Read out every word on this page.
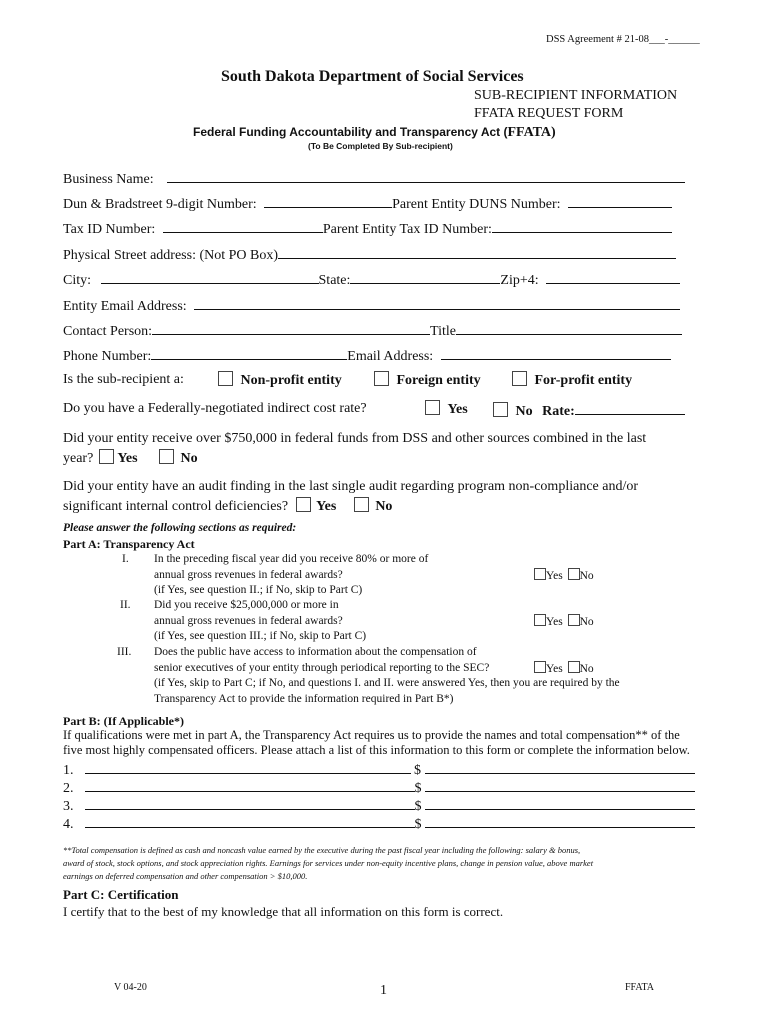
DSS Agreement # 21-08___-______
South Dakota Department of Social Services
SUB-RECIPIENT INFORMATION
FFATA REQUEST FORM
Federal Funding Accountability and Transparency Act (FFATA)
(To Be Completed By Sub-recipient)
Business Name:
Dun & Bradstreet 9-digit Number:	Parent Entity DUNS Number:
Tax ID Number:	Parent Entity Tax ID Number:
Physical Street address: (Not PO Box)
City:	State:	Zip+4:
Entity Email Address:
Contact Person:	Title
Phone Number:	Email Address:
Is the sub-recipient a:	Non-profit entity	Foreign entity	For-profit entity
Do you have a Federally-negotiated indirect cost rate?	Yes	No Rate:
Did your entity receive over $750,000 in federal funds from DSS and other sources combined in the last
year? Yes	No
Did your entity have an audit finding in the last single audit regarding program non-compliance and/or
significant internal control deficiencies? Yes	No
Please answer the following sections as required:
Part A: Transparency Act
I. In the preceding fiscal year did you receive 80% or more of
annual gross revenues in federal awards?
(if Yes, see question II.; if No, skip to Part C)
Yes No
II. Did you receive $25,000,000 or more in
annual gross revenues in federal awards?
(if Yes, see question III.; if No, skip to Part C)
Yes No
III. Does the public have access to information about the compensation of
senior executives of your entity through periodical reporting to the SEC?
(if Yes, skip to Part C; if No, and questions I. and II. were answered Yes, then you are required by the
Transparency Act to provide the information required in Part B*)
Yes No
Part B: (If Applicable*)
If qualifications were met in part A, the Transparency Act requires us to provide the names and total compensation** of the
five most highly compensated officers. Please attach a list of this information to this form or complete the information below.
1.	$
2.	$
3.	$
4.	$
**Total compensation is defined as cash and noncash value earned by the executive during the past fiscal year including the following: salary & bonus,
award of stock, stock options, and stock appreciation rights. Earnings for services under non-equity incentive plans, change in pension value, above market
earnings on deferred compensation and other compensation > $10,000.
Part C: Certification
I certify that to the best of my knowledge that all information on this form is correct.
V 04-20	1	FFATA
